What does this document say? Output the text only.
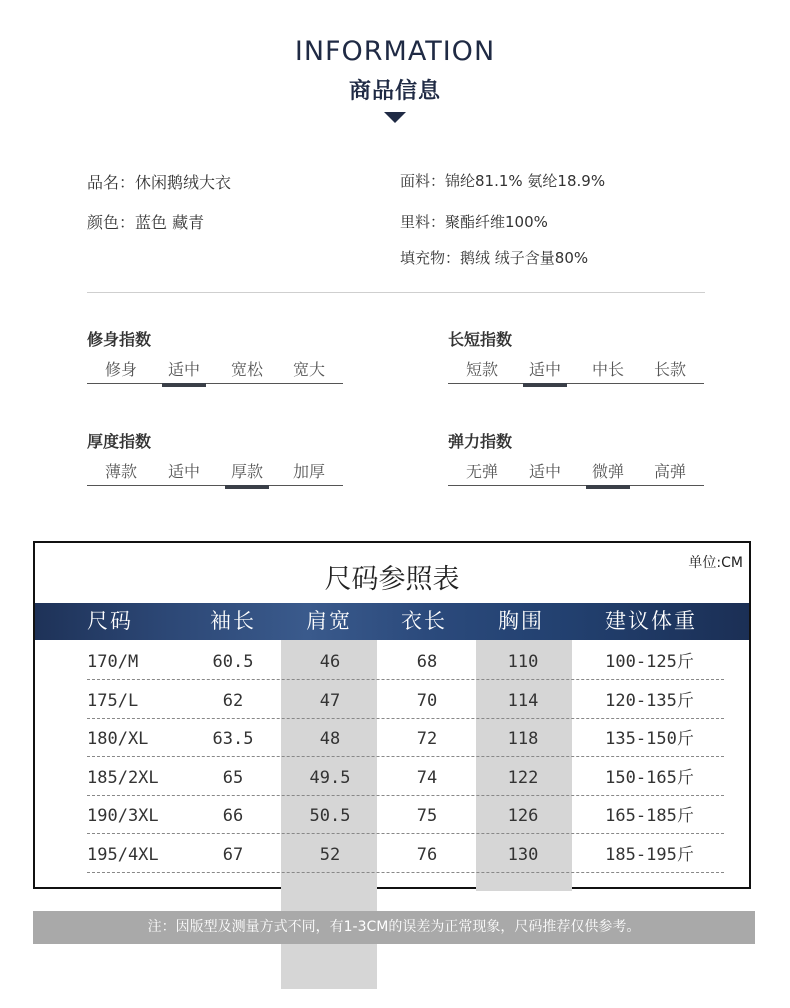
INFORMATION
商品信息
品名：休闲鹅绒大衣
颜色：蓝色 藏青
面料：锦纶81.1% 氨纶18.9%
里料：聚酯纤维100%
填充物：鹅绒 绒子含量80%
修身指数
修身	适中	宽松	宽大
长短指数
短款	适中	中长	长款
厚度指数
薄款	适中	厚款	加厚
弹力指数
无弹	适中	微弹	高弹
尺码参照表
单位:CM
尺码	袖长	肩宽	衣长	胸围	建议体重
170/M	60.5	46	68	110	100-125斤
175/L	62	47	70	114	120-135斤
180/XL	63.5	48	72	118	135-150斤
185/2XL	65	49.5	74	122	150-165斤
190/3XL	66	50.5	75	126	165-185斤
195/4XL	67	52	76	130	185-195斤
注：因版型及测量方式不同，有1-3CM的误差为正常现象，尺码推荐仅供参考。
